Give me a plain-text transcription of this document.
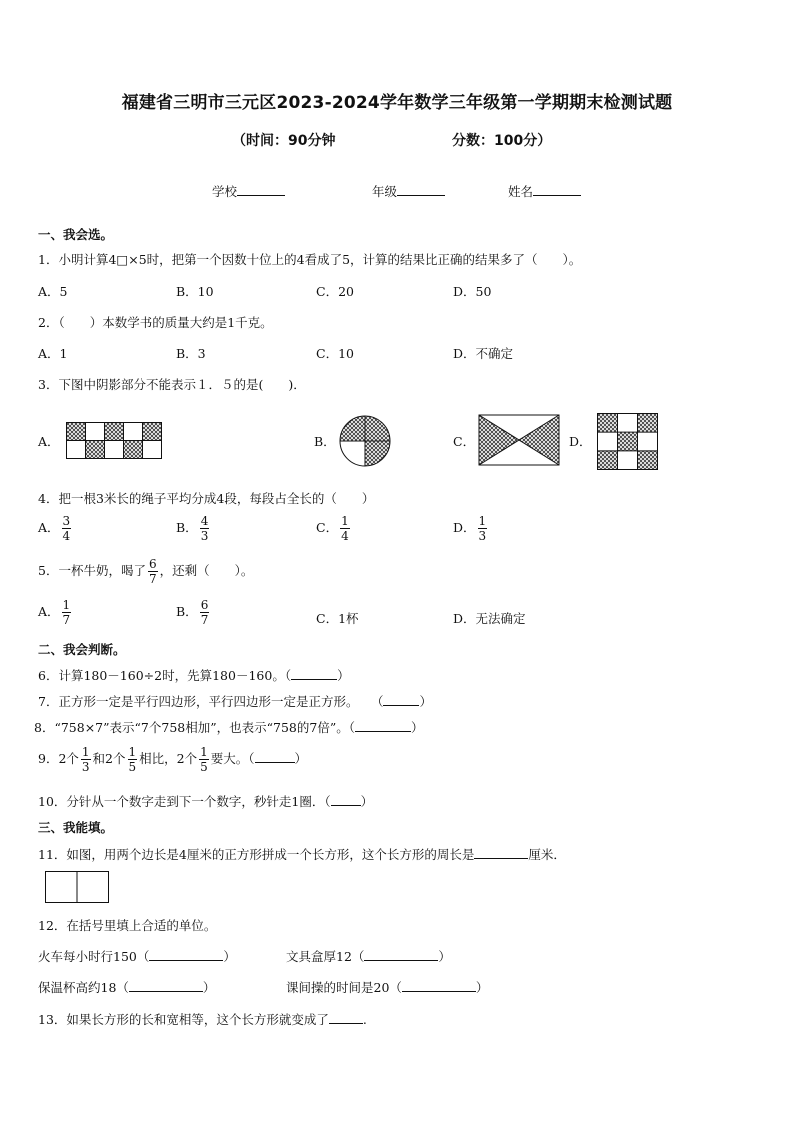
福建省三明市三元区2023-2024学年数学三年级第一学期期末检测试题
（时间：90分钟	分数：100分）
学校	年级	姓名
一、我会选。
1．小明计算4□×5时，把第一个因数十位上的4看成了5，计算的结果比正确的结果多了（　　）。
A．5	B．10	C．20	D．50
2．（　　）本数学书的质量大约是1千克。
A．1	B．3	C．10	D．不确定
3．下图中阴影部分不能表示１．５的是(　　)．
A．	B．	C．	D．
4．把一根3米长的绳子平均分成4段，每段占全长的（　　）
A． $\frac{3}{4}$	B． $\frac{4}{3}$	C． $\frac{1}{4}$	D． $\frac{1}{3}$
5．一杯牛奶，喝了 $\frac{6}{7}$ ，还剩（　　）。
A． $\frac{1}{7}$	B． $\frac{6}{7}$	C．1杯	D．无法确定
二、我会判断。
6．计算180－160÷2时，先算180－160。（	）
7．正方形一定是平行四边形，平行四边形一定是正方形。　　（	）
8．“758×7”表示“7个758相加”，也表示“758的7倍”。（	）
9．2个 $\frac{1}{3}$ 和2个 $\frac{1}{5}$ 相比，2个 $\frac{1}{5}$ 要大。（	）
10．分针从一个数字走到下一个数字，秒针走1圈．（ ）
三、我能填。
11．如图，用两个边长是4厘米的正方形拼成一个长方形，这个长方形的周长是	厘米．
12．在括号里填上合适的单位。
火车每小时行150（	）	文具盒厚12（	）
保温杯高约18（	）	课间操的时间是20（	）
13．如果长方形的长和宽相等，这个长方形就变成了	.
